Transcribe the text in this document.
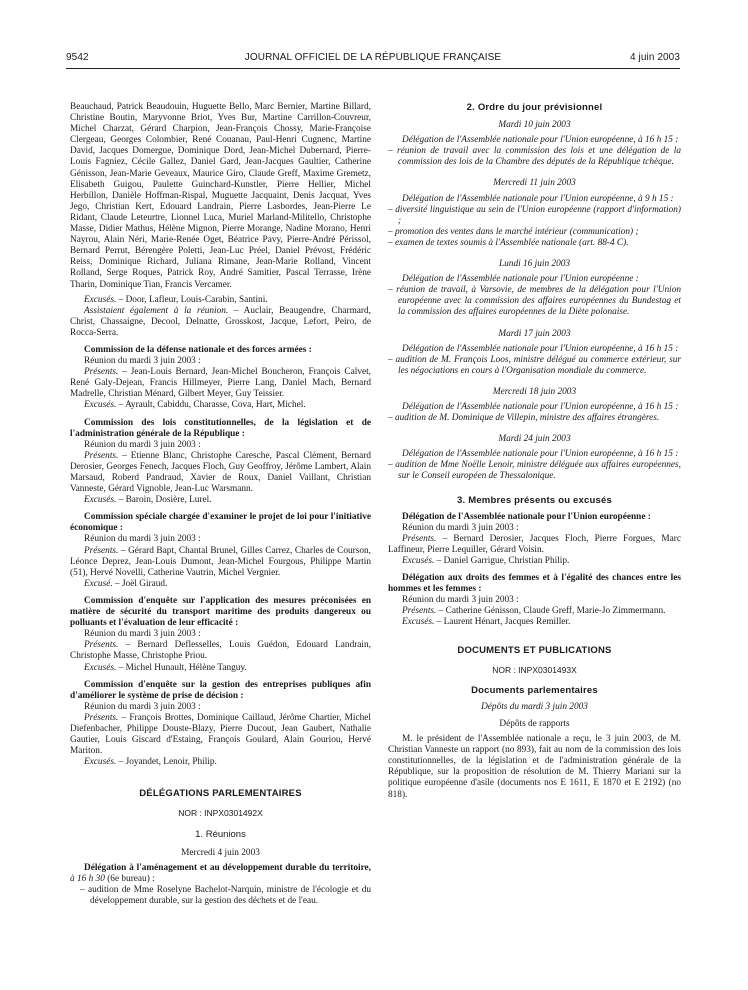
9542	JOURNAL OFFICIEL DE LA RÉPUBLIQUE FRANÇAISE	4 juin 2003

Beauchaud, Patrick Beaudouin, Huguette Bello, Marc Bernier, Martine Billard, Christine Boutin, Maryvonne Briot, Yves Bur, Martine Carrillon-Couvreur, Michel Charzat, Gérard Charpion, Jean-François Chossy, Marie-Françoise Clergeau, Georges Colombier, René Couanau, Paul-Henri Cugnenc, Martine David, Jacques Domergue, Dominique Dord, Jean-Michel Dubernard, Pierre-Louis Fagniez, Cécile Gallez, Daniel Gard, Jean-Jacques Gaultier, Catherine Génisson, Jean-Marie Geveaux, Maurice Giro, Claude Greff, Maxime Gremetz, Elisabeth Guigou, Paulette Guinchard-Kunstler, Pierre Hellier, Michel Herbillon, Danièle Hoffman-Rispal, Muguette Jacquaint, Denis Jacquat, Yves Jego, Christian Kert, Edouard Landrain, Pierre Lasbordes, Jean-Pierre Le Ridant, Claude Leteurtre, Lionnel Luca, Muriel Marland-Militello, Christophe Masse, Didier Mathus, Hélène Mignon, Pierre Morange, Nadine Morano, Henri Nayrou, Alain Néri, Marie-Renée Oget, Béatrice Pavy, Pierre-André Périssol, Bernard Perrut, Bérengère Poletti, Jean-Luc Préel, Daniel Prévost, Frédéric Reiss, Dominique Richard, Juliana Rimane, Jean-Marie Rolland, Vincent Rolland, Serge Roques, Patrick Roy, André Samitier, Pascal Terrasse, Irène Tharin, Dominique Tian, Francis Vercamer.

Excusés. – Door, Lafleur, Louis-Carabin, Santini.

Assistaient également à la réunion. – Auclair, Beaugendre, Charmard, Christ, Chassaigne, Decool, Delnatte, Grosskost, Jacque, Lefort, Peiro, de Rocca-Serra.

Commission de la défense nationale et des forces armées :

Réunion du mardi 3 juin 2003 :

Présents. – Jean-Louis Bernard, Jean-Michel Boucheron, François Calvet, René Galy-Dejean, Francis Hillmeyer, Pierre Lang, Daniel Mach, Bernard Madrelle, Christian Ménard, Gilbert Meyer, Guy Teissier.

Excusés. – Ayrault, Cabiddu, Charasse, Cova, Hart, Michel.

Commission des lois constitutionnelles, de la législation et de l'administration générale de la République :

Réunion du mardi 3 juin 2003 :

Présents. – Etienne Blanc, Christophe Caresche, Pascal Clément, Bernard Derosier, Georges Fenech, Jacques Floch, Guy Geoffroy, Jérôme Lambert, Alain Marsaud, Roberd Pandraud, Xavier de Roux, Daniel Vaillant, Christian Vanneste, Gérard Vignoble, Jean-Luc Warsmann.

Excusés. – Baroin, Dosière, Lurel.

Commission spéciale chargée d'examiner le projet de loi pour l'initiative économique :

Réunion du mardi 3 juin 2003 :

Présents. – Gérard Bapt, Chantal Brunel, Gilles Carrez, Charles de Courson, Léonce Deprez, Jean-Louis Dumont, Jean-Michel Fourgous, Philippe Martin (51), Hervé Novelli, Catherine Vautrin, Michel Vergnier.

Excusé. – Joël Giraud.

Commission d'enquête sur l'application des mesures préconisées en matière de sécurité du transport maritime des produits dangereux ou polluants et l'évaluation de leur efficacité :

Réunion du mardi 3 juin 2003 :

Présents. – Bernard Deflesselles, Louis Guédon, Edouard Landrain, Christophe Masse, Christophe Priou.

Excusés. – Michel Hunault, Hélène Tanguy.

Commission d'enquête sur la gestion des entreprises publiques afin d'améliorer le système de prise de décision :

Réunion du mardi 3 juin 2003 :

Présents. – François Brottes, Dominique Caillaud, Jérôme Chartier, Michel Diefenbacher, Philippe Douste-Blazy, Pierre Ducout, Jean Gaubert, Nathalie Gautier, Louis Giscard d'Estaing, François Goulard, Alain Gouriou, Hervé Mariton.

Excusés. – Joyandet, Lenoir, Philip.

DÉLÉGATIONS PARLEMENTAIRES

NOR : INPX0301492X

1. Réunions

Mercredi 4 juin 2003

Délégation à l'aménagement et au développement durable du territoire, à 16 h 30 (6e bureau) :

– audition de Mme Roselyne Bachelot-Narquin, ministre de l'écologie et du développement durable, sur la gestion des déchets et de l'eau.

2. Ordre du jour prévisionnel

Mardi 10 juin 2003

Délégation de l'Assemblée nationale pour l'Union européenne, à 16 h 15 :

– réunion de travail avec la commission des lois et une délégation de la commission des lois de la Chambre des députés de la République tchèque.

Mercredi 11 juin 2003

Délégation de l'Assemblée nationale pour l'Union européenne, à 9 h 15 :

– diversité linguistique au sein de l'Union européenne (rapport d'information) ;

– promotion des ventes dans le marché intérieur (communication) ;

– examen de textes soumis à l'Assemblée nationale (art. 88-4 C).

Lundi 16 juin 2003

Délégation de l'Assemblée nationale pour l'Union européenne :

– réunion de travail, à Varsovie, de membres de la délégation pour l'Union européenne avec la commission des affaires européennes du Bundestag et la commission des affaires européennes de la Diète polonaise.

Mardi 17 juin 2003

Délégation de l'Assemblée nationale pour l'Union européenne, à 16 h 15 :

– audition de M. François Loos, ministre délégué au commerce extérieur, sur les négociations en cours à l'Organisation mondiale du commerce.

Mercredi 18 juin 2003

Délégation de l'Assemblée nationale pour l'Union européenne, à 16 h 15 :

– audition de M. Dominique de Villepin, ministre des affaires étrangères.

Mardi 24 juin 2003

Délégation de l'Assemblée nationale pour l'Union européenne, à 16 h 15 :

– audition de Mme Noëlle Lenoir, ministre déléguée aux affaires européennes, sur le Conseil européen de Thessalonique.

3. Membres présents ou excusés

Délégation de l'Assemblée nationale pour l'Union européenne :

Réunion du mardi 3 juin 2003 :

Présents. – Bernard Derosier, Jacques Floch, Pierre Forgues, Marc Laffineur, Pierre Lequiller, Gérard Voisin.

Excusés. – Daniel Garrigue, Christian Philip.

Délégation aux droits des femmes et à l'égalité des chances entre les hommes et les femmes :

Réunion du mardi 3 juin 2003 :

Présents. – Catherine Génisson, Claude Greff, Marie-Jo Zimmermann.

Excusés. – Laurent Hénart, Jacques Remiller.

DOCUMENTS ET PUBLICATIONS

NOR : INPX0301493X

Documents parlementaires

Dépôts du mardi 3 juin 2003

Dépôts de rapports

M. le président de l'Assemblée nationale a reçu, le 3 juin 2003, de M. Christian Vanneste un rapport (no 893), fait au nom de la commission des lois constitutionnelles, de la législation et de l'administration générale de la République, sur la proposition de résolution de M. Thierry Mariani sur la politique européenne d'asile (documents nos E 1611, E 1870 et E 2192) (no 818).
